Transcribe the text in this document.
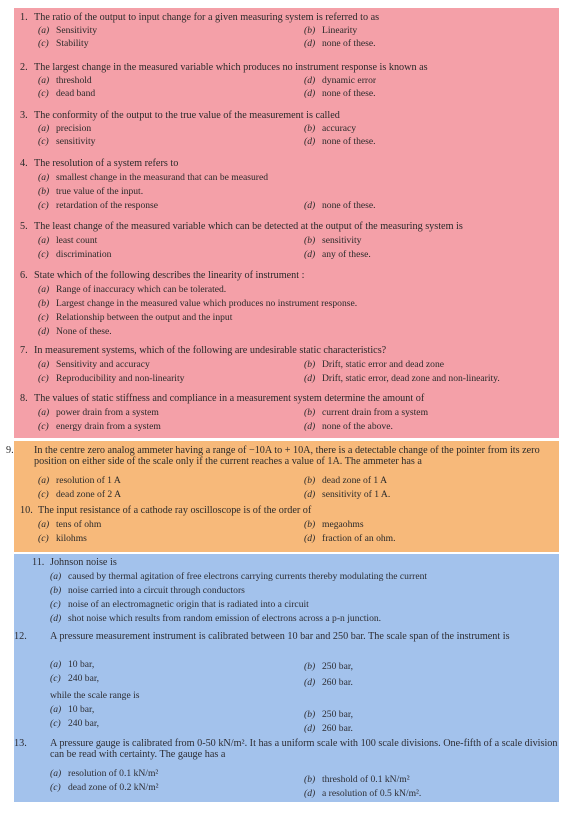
1. The ratio of the output to input change for a given measuring system is referred to as
(a) Sensitivity	(b) Linearity
(c) Stability	(d) none of these.
2. The largest change in the measured variable which produces no instrument response is known as
(a) threshold	(d) dynamic error
(c) dead band	(d) none of these.
3. The conformity of the output to the true value of the measurement is called
(a) precision	(b) accuracy
(c) sensitivity	(d) none of these.
4. The resolution of a system refers to
(a) smallest change in the measurand that can be measured
(b) true value of the input.
(c) retardation of the response	(d) none of these.
5. The least change of the measured variable which can be detected at the output of the measuring system is
(a) least count	(b) sensitivity
(c) discrimination	(d) any of these.
6. State which of the following describes the linearity of instrument :
(a) Range of inaccuracy which can be tolerated.
(b) Largest change in the measured value which produces no instrument response.
(c) Relationship between the output and the input
(d) None of these.
7. In measurement systems, which of the following are undesirable static characteristics?
(a) Sensitivity and accuracy	(b) Drift, static error and dead zone
(c) Reproducibility and non-linearity	(d) Drift, static error, dead zone and non-linearity.
8. The values of static stiffness and compliance in a measurement system determine the amount of
(a) power drain from a system	(b) current drain from a system
(c) energy drain from a system	(d) none of the above.
9. In the centre zero analog ammeter having a range of −10A to + 10A, there is a detectable change of the pointer from its zero position on either side of the scale only if the current reaches a value of 1A. The ammeter has a
(a) resolution of 1 A	(b) dead zone of 1 A
(c) dead zone of 2 A	(d) sensitivity of 1 A.
10. The input resistance of a cathode ray oscilloscope is of the order of
(a) tens of ohm	(b) megaohms
(c) kilohms	(d) fraction of an ohm.
11. Johnson noise is
(a) caused by thermal agitation of free electrons carrying currents thereby modulating the current
(b) noise carried into a circuit through conductors
(c) noise of an electromagnetic origin that is radiated into a circuit
(d) shot noise which results from random emission of electrons across a p-n junction.
12. A pressure measurement instrument is calibrated between 10 bar and 250 bar. The scale span of the instrument is
(a) 10 bar,	(b) 250 bar,
(c) 240 bar,	(d) 260 bar.
while the scale range is
(a) 10 bar,	(b) 250 bar,
(c) 240 bar,	(d) 260 bar.
13. A pressure gauge is calibrated from 0-50 kN/m². It has a uniform scale with 100 scale divisions. One-fifth of a scale division can be read with certainty. The gauge has a
(a) resolution of 0.1 kN/m²
(b) threshold of 0.1 kN/m²
(c) dead zone of 0.2 kN/m²
(d) a resolution of 0.5 kN/m².
